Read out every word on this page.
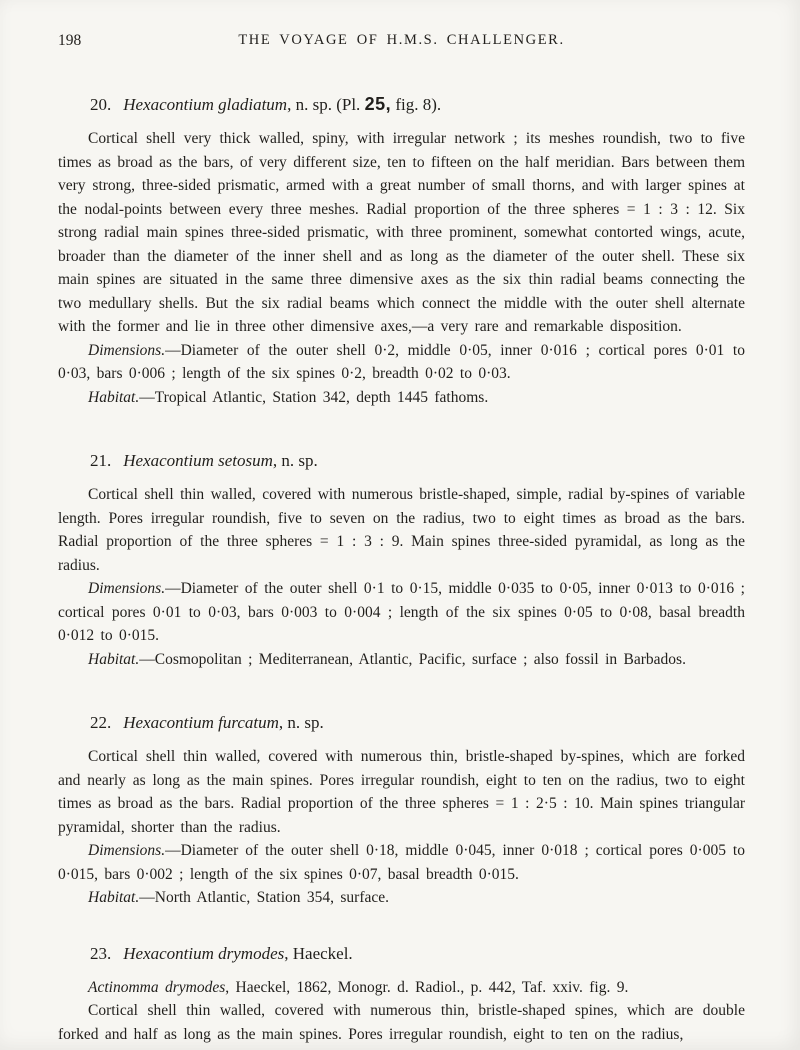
198	THE VOYAGE OF H.M.S. CHALLENGER.
20. Hexacontium gladiatum, n. sp. (Pl. 25, fig. 8).

Cortical shell very thick walled, spiny, with irregular network ; its meshes roundish, two to five times as broad as the bars, of very different size, ten to fifteen on the half meridian. Bars between them very strong, three-sided prismatic, armed with a great number of small thorns, and with larger spines at the nodal-points between every three meshes. Radial proportion of the three spheres = 1 : 3 : 12. Six strong radial main spines three-sided prismatic, with three prominent, somewhat contorted wings, acute, broader than the diameter of the inner shell and as long as the diameter of the outer shell. These six main spines are situated in the same three dimensive axes as the six thin radial beams connecting the two medullary shells. But the six radial beams which connect the middle with the outer shell alternate with the former and lie in three other dimensive axes,—a very rare and remarkable disposition.

Dimensions.—Diameter of the outer shell 0·2, middle 0·05, inner 0·016 ; cortical pores 0·01 to 0·03, bars 0·006 ; length of the six spines 0·2, breadth 0·02 to 0·03.

Habitat.—Tropical Atlantic, Station 342, depth 1445 fathoms.

21. Hexacontium setosum, n. sp.

Cortical shell thin walled, covered with numerous bristle-shaped, simple, radial by-spines of variable length. Pores irregular roundish, five to seven on the radius, two to eight times as broad as the bars. Radial proportion of the three spheres = 1 : 3 : 9. Main spines three-sided pyramidal, as long as the radius.

Dimensions.—Diameter of the outer shell 0·1 to 0·15, middle 0·035 to 0·05, inner 0·013 to 0·016 ; cortical pores 0·01 to 0·03, bars 0·003 to 0·004 ; length of the six spines 0·05 to 0·08, basal breadth 0·012 to 0·015.

Habitat.—Cosmopolitan ; Mediterranean, Atlantic, Pacific, surface ; also fossil in Barbados.

22. Hexacontium furcatum, n. sp.

Cortical shell thin walled, covered with numerous thin, bristle-shaped by-spines, which are forked and nearly as long as the main spines. Pores irregular roundish, eight to ten on the radius, two to eight times as broad as the bars. Radial proportion of the three spheres = 1 : 2·5 : 10. Main spines triangular pyramidal, shorter than the radius.

Dimensions.—Diameter of the outer shell 0·18, middle 0·045, inner 0·018 ; cortical pores 0·005 to 0·015, bars 0·002 ; length of the six spines 0·07, basal breadth 0·015.

Habitat.—North Atlantic, Station 354, surface.

23. Hexacontium drymodes, Haeckel.

Actinomma drymodes, Haeckel, 1862, Monogr. d. Radiol., p. 442, Taf. xxiv. fig. 9.

Cortical shell thin walled, covered with numerous thin, bristle-shaped spines, which are double forked and half as long as the main spines. Pores irregular roundish, eight to ten on the radius,
